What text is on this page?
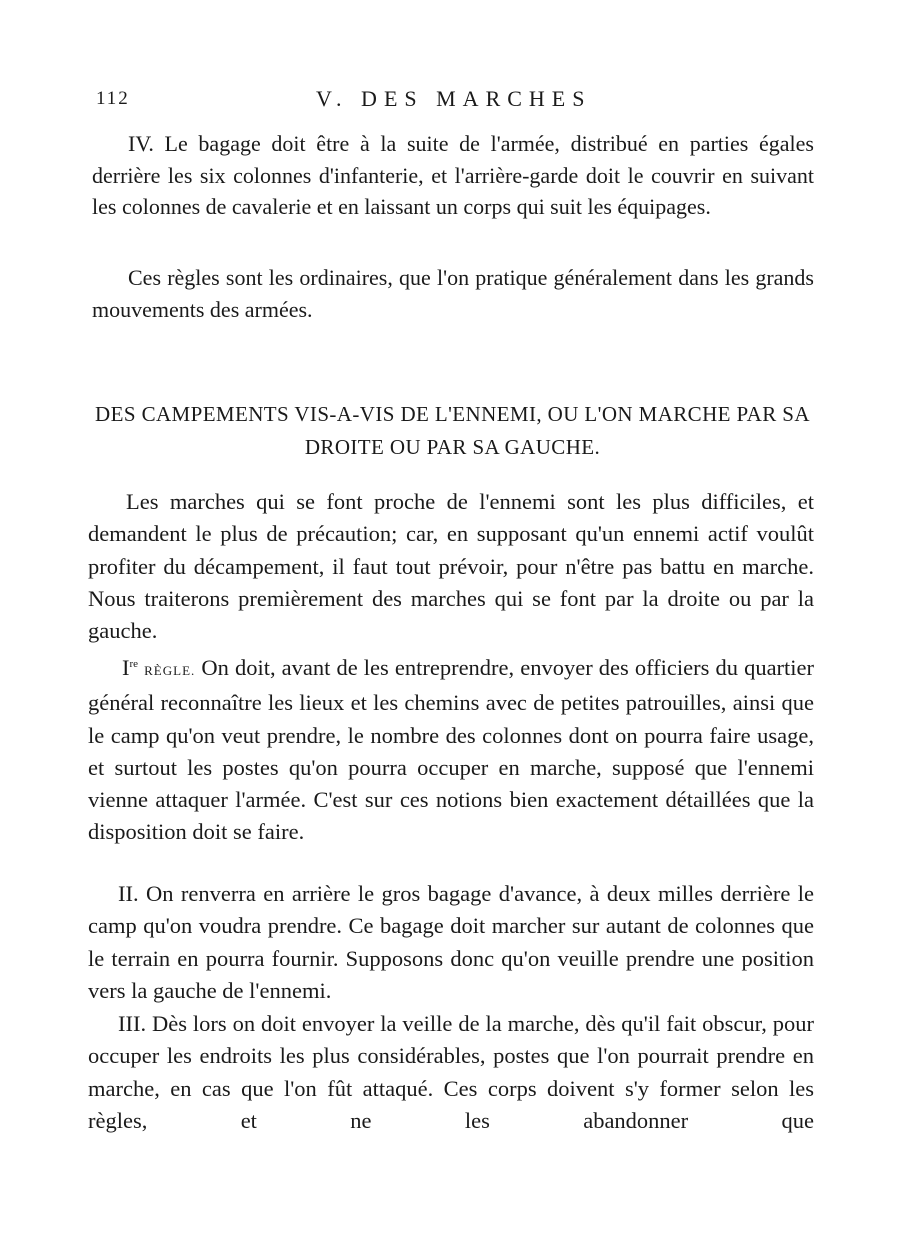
112	V. DES MARCHES

IV. Le bagage doit être à la suite de l'armée, distribué en parties égales derrière les six colonnes d'infanterie, et l'arrière-garde doit le couvrir en suivant les colonnes de cavalerie et en laissant un corps qui suit les équipages.

Ces règles sont les ordinaires, que l'on pratique généralement dans les grands mouvements des armées.

DES CAMPEMENTS VIS-A-VIS DE L'ENNEMI, OU L'ON MARCHE PAR SA DROITE OU PAR SA GAUCHE.

Les marches qui se font proche de l'ennemi sont les plus difficiles, et demandent le plus de précaution; car, en supposant qu'un ennemi actif voulût profiter du décampement, il faut tout prévoir, pour n'être pas battu en marche. Nous traiterons premièrement des marches qui se font par la droite ou par la gauche.

Ire RÈGLE. On doit, avant de les entreprendre, envoyer des officiers du quartier général reconnaître les lieux et les chemins avec de petites patrouilles, ainsi que le camp qu'on veut prendre, le nombre des colonnes dont on pourra faire usage, et surtout les postes qu'on pourra occuper en marche, supposé que l'ennemi vienne attaquer l'armée. C'est sur ces notions bien exactement détaillées que la disposition doit se faire.

II. On renverra en arrière le gros bagage d'avance, à deux milles derrière le camp qu'on voudra prendre. Ce bagage doit marcher sur autant de colonnes que le terrain en pourra fournir. Supposons donc qu'on veuille prendre une position vers la gauche de l'ennemi.

III. Dès lors on doit envoyer la veille de la marche, dès qu'il fait obscur, pour occuper les endroits les plus considérables, postes que l'on pourrait prendre en marche, en cas que l'on fût attaqué. Ces corps doivent s'y former selon les règles, et ne les abandonner que
